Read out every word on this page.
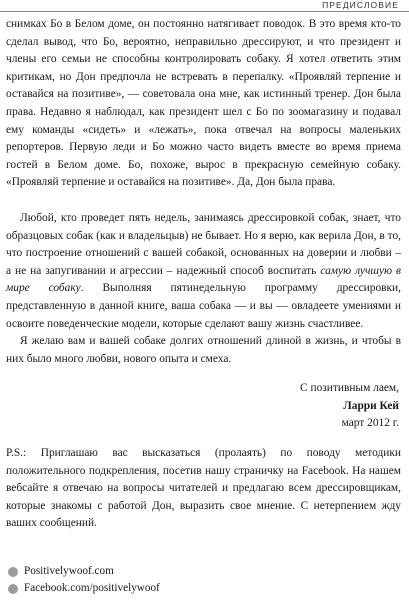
ПРЕДИСЛОВИЕ

снимках Бо в Белом доме, он постоянно натягивает поводок. В это время кто-то сделал вывод, что Бо, вероятно, неправильно дрессируют, и что президент и члены его семьи не способны контролировать собаку. Я хотел ответить этим критикам, но Дон предпочла не встревать в перепалку. «Проявляй терпение и оставайся на позитиве», — советовала она мне, как истинный тренер. Дон была права. Недавно я наблюдал, как президент шел с Бо по зоомагазину и подавал ему команды «сидеть» и «лежать», пока отвечал на вопросы маленьких репортеров. Первую леди и Бо можно часто видеть вместе во время приема гостей в Белом доме. Бо, похоже, вырос в прекрасную семейную собаку. «Проявляй терпение и оставайся на позитиве». Да, Дон была права.

Любой, кто проведет пять недель, занимаясь дрессировкой собак, знает, что образцовых собак (как и владельцыв) не бывает. Но я верю, как верила Дон, в то, что построение отношений с вашей собакой, основанных на доверии и любви – а не на запугивании и агрессии – надежный способ воспитать самую лучшую в мире собаку. Выполняя пятинедельную программу дрессировки, представленную в данной книге, ваша собака — и вы — овладеете умениями и освоите поведенческие модели, которые сделают вашу жизнь счастливее.

Я желаю вам и вашей собаке долгих отношений длиной в жизнь, и чтобы в них было много любви, нового опыта и смеха.

С позитивным лаем,

Ларри Кей

март 2012 г.

P.S.: Приглашаю вас высказаться (пролаять) по поводу методики положительного подкрепления, посетив нашу страничку на Facebook. На нашем вебсайте я отвечаю на вопросы читателей и предлагаю всем дрессировщикам, которые знакомы с работой Дон, выразить свое мнение. С нетерпением жду ваших сообщений.

Positivelywoof.com
Facebook.com/positivelywoof
